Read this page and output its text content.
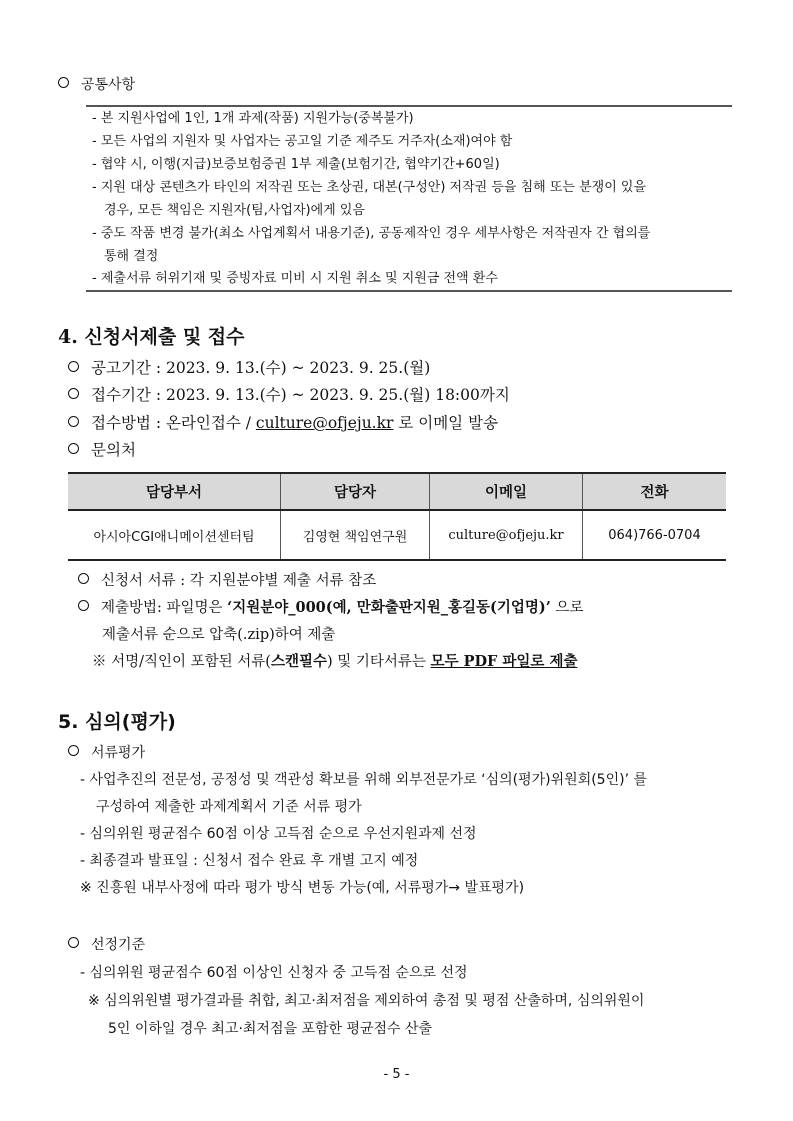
공통사항
- 본 지원사업에 1인, 1개 과제(작품) 지원가능(중복불가)
- 모든 사업의 지원자 및 사업자는 공고일 기준 제주도 거주자(소재)여야 함
- 협약 시, 이행(지급)보증보험증권 1부 제출(보험기간, 협약기간+60일)
- 지원 대상 콘텐츠가 타인의 저작권 또는 초상권, 대본(구성안) 저작권 등을 침해 또는 분쟁이 있을
경우, 모든 책임은 지원자(팀,사업자)에게 있음
- 중도 작품 변경 불가(최소 사업계획서 내용기준), 공동제작인 경우 세부사항은 저작권자 간 협의를
통해 결정
- 제출서류 허위기재 및 증빙자료 미비 시 지원 취소 및 지원금 전액 환수
4. 신청서제출 및 접수
공고기간 : 2023. 9. 13.(수) ~ 2023. 9. 25.(월)
접수기간 : 2023. 9. 13.(수) ~ 2023. 9. 25.(월) 18:00까지
접수방법 : 온라인접수 / culture@ofjeju.kr 로 이메일 발송
문의처
담당부서	담당자	이메일	전화
아시아CGI애니메이션센터팀	김영현 책임연구원	culture@ofjeju.kr	064)766-0704
신청서 서류 : 각 지원분야별 제출 서류 참조
제출방법: 파일명은 ‘지원분야_000(예, 만화출판지원_홍길동(기업명)’ 으로
제출서류 순으로 압축(.zip)하여 제출
※ 서명/직인이 포함된 서류(스캔필수) 및 기타서류는 모두 PDF 파일로 제출
5. 심의(평가)
서류평가
- 사업추진의 전문성, 공정성 및 객관성 확보를 위해 외부전문가로 ‘심의(평가)위원회(5인)’ 를
구성하여 제출한 과제계획서 기준 서류 평가
- 심의위원 평균점수 60점 이상 고득점 순으로 우선지원과제 선정
- 최종결과 발표일 : 신청서 접수 완료 후 개별 고지 예정
※ 진흥원 내부사정에 따라 평가 방식 변동 가능(예, 서류평가→ 발표평가)
선정기준
- 심의위원 평균점수 60점 이상인 신청자 중 고득점 순으로 선정
※ 심의위원별 평가결과를 취합, 최고·최저점을 제외하여 총점 및 평점 산출하며, 심의위원이
5인 이하일 경우 최고·최저점을 포함한 평균점수 산출
- 5 -
